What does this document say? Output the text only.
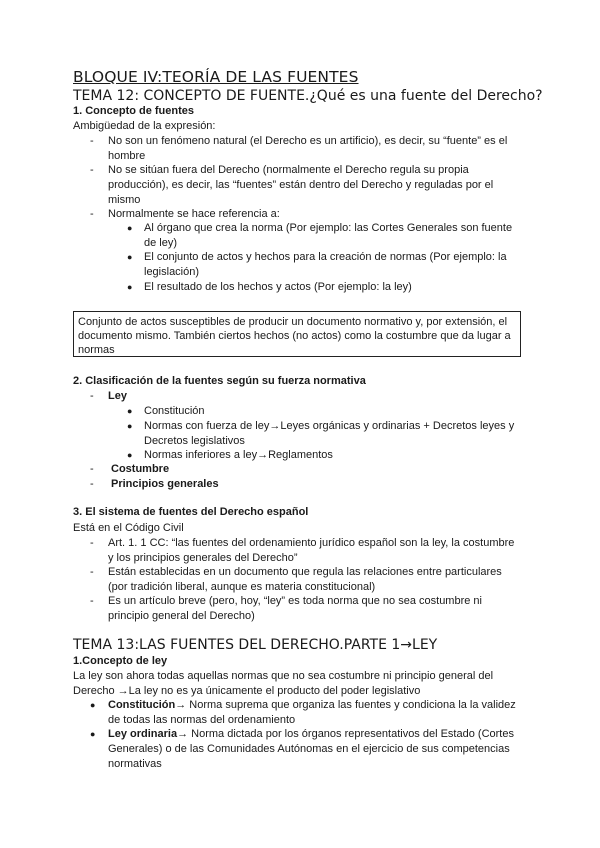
BLOQUE IV:TEORÍA DE LAS FUENTES
TEMA 12: CONCEPTO DE FUENTE.¿Qué es una fuente del Derecho?
1. Concepto de fuentes
Ambigüedad de la expresión:
- No son un fenómeno natural (el Derecho es un artificio), es decir, su “fuente” es el
hombre
- No se sitúan fuera del Derecho (normalmente el Derecho regula su propia
producción), es decir, las “fuentes” están dentro del Derecho y reguladas por el
mismo
- Normalmente se hace referencia a:
● Al órgano que crea la norma (Por ejemplo: las Cortes Generales son fuente
de ley)
● El conjunto de actos y hechos para la creación de normas (Por ejemplo: la
legislación)
● El resultado de los hechos y actos (Por ejemplo: la ley)
Conjunto de actos susceptibles de producir un documento normativo y, por extensión, el documento mismo. También ciertos hechos (no actos) como la costumbre que da lugar a normas
2. Clasificación de la fuentes según su fuerza normativa
- Ley
● Constitución
● Normas con fuerza de ley→Leyes orgánicas y ordinarias + Decretos leyes y
Decretos legislativos
● Normas inferiores a ley→Reglamentos
- Costumbre
- Principios generales
3. El sistema de fuentes del Derecho español
Está en el Código Civil
- Art. 1. 1 CC: “las fuentes del ordenamiento jurídico español son la ley, la costumbre
y los principios generales del Derecho”
- Están establecidas en un documento que regula las relaciones entre particulares
(por tradición liberal, aunque es materia constitucional)
- Es un artículo breve (pero, hoy, “ley” es toda norma que no sea costumbre ni
principio general del Derecho)
TEMA 13:LAS FUENTES DEL DERECHO.PARTE 1→LEY
1.Concepto de ley
La ley son ahora todas aquellas normas que no sea costumbre ni principio general del
Derecho →La ley no es ya únicamente el producto del poder legislativo
● Constitución→ Norma suprema que organiza las fuentes y condiciona la la validez
de todas las normas del ordenamiento
● Ley ordinaria→ Norma dictada por los órganos representativos del Estado (Cortes
Generales) o de las Comunidades Autónomas en el ejercicio de sus competencias
normativas
